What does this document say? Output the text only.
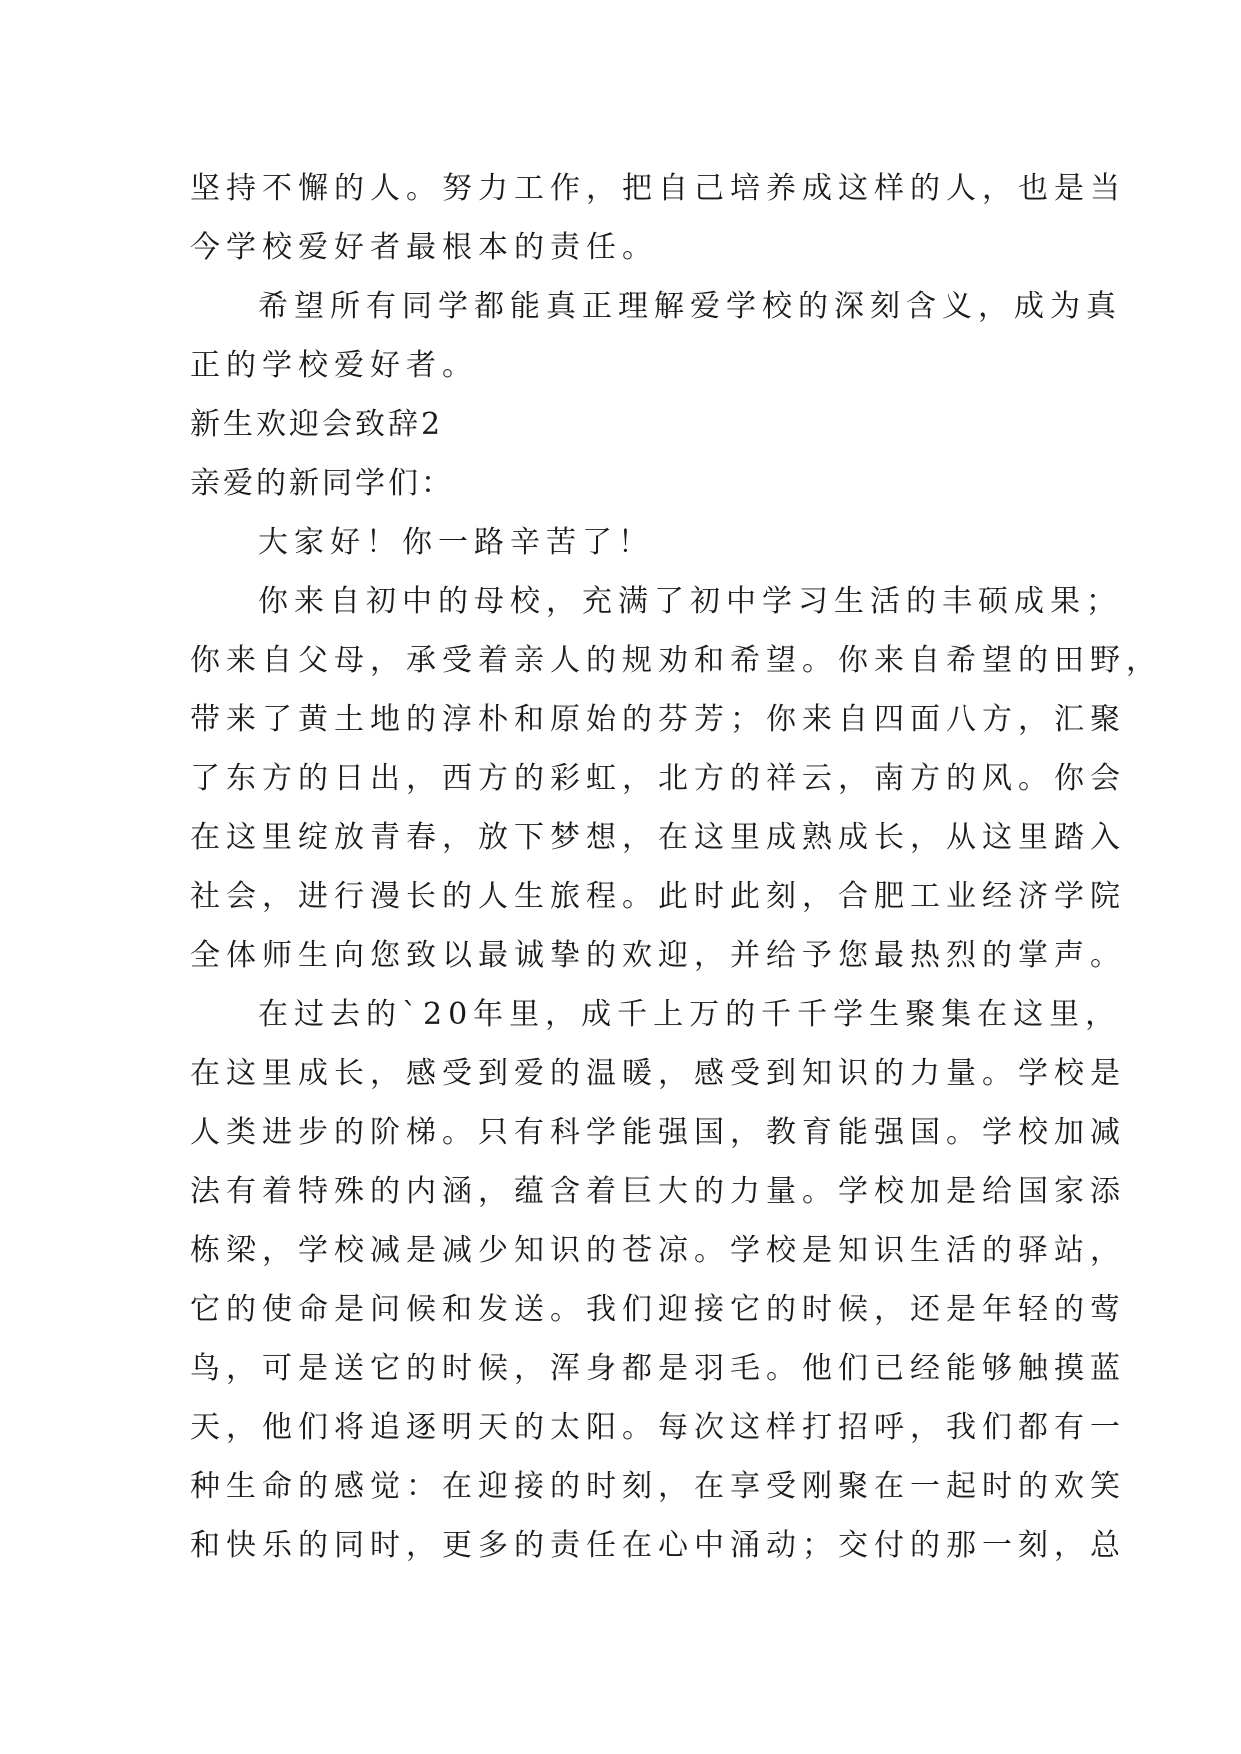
坚持不懈的人。努力工作，把自己培养成这样的人，也是当
今学校爱好者最根本的责任。
希望所有同学都能真正理解爱学校的深刻含义，成为真
正的学校爱好者。
新生欢迎会致辞2
亲爱的新同学们：
大家好！你一路辛苦了！
你来自初中的母校，充满了初中学习生活的丰硕成果；
你来自父母，承受着亲人的规劝和希望。你来自希望的田野，
带来了黄土地的淳朴和原始的芬芳；你来自四面八方，汇聚
了东方的日出，西方的彩虹，北方的祥云，南方的风。你会
在这里绽放青春，放下梦想，在这里成熟成长，从这里踏入
社会，进行漫长的人生旅程。此时此刻，合肥工业经济学院
全体师生向您致以最诚挚的欢迎，并给予您最热烈的掌声。
在过去的`20年里，成千上万的千千学生聚集在这里，
在这里成长，感受到爱的温暖，感受到知识的力量。学校是
人类进步的阶梯。只有科学能强国，教育能强国。学校加减
法有着特殊的内涵，蕴含着巨大的力量。学校加是给国家添
栋梁，学校减是减少知识的苍凉。学校是知识生活的驿站，
它的使命是问候和发送。我们迎接它的时候，还是年轻的莺
鸟，可是送它的时候，浑身都是羽毛。他们已经能够触摸蓝
天，他们将追逐明天的太阳。每次这样打招呼，我们都有一
种生命的感觉：在迎接的时刻，在享受刚聚在一起时的欢笑
和快乐的同时，更多的责任在心中涌动；交付的那一刻，总
